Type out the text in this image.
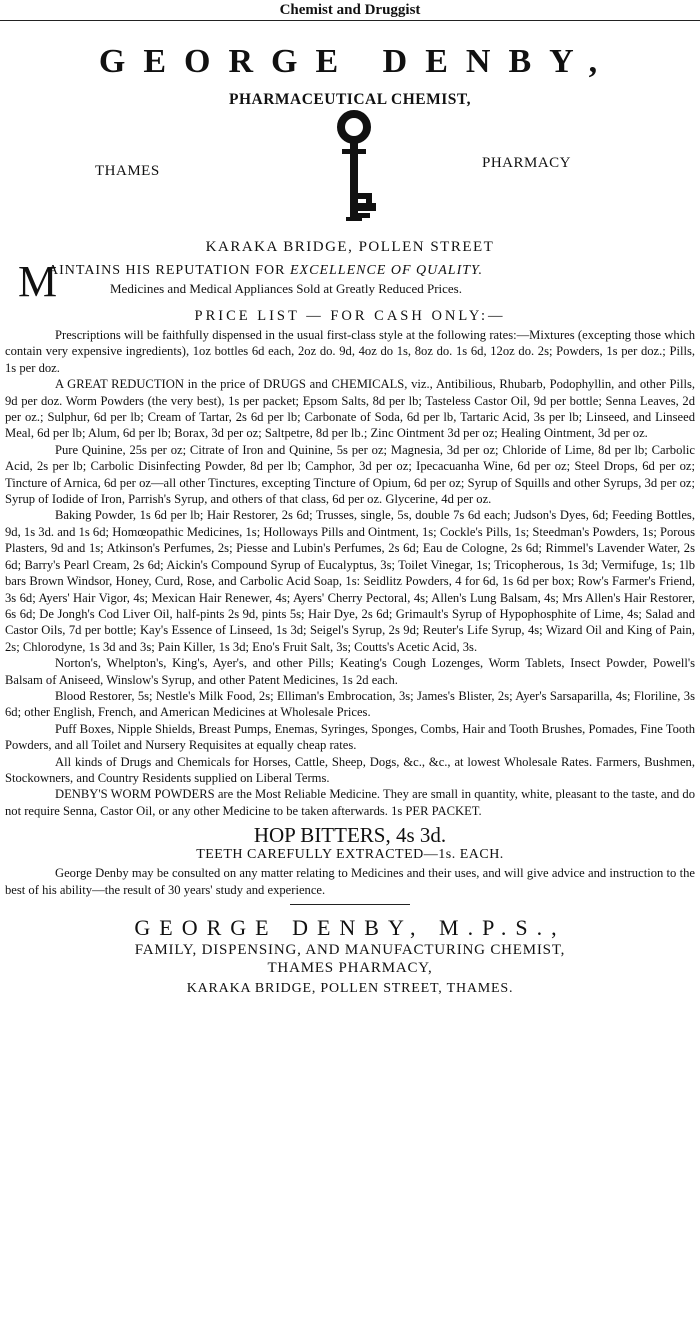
Chemist and Druggist
GEORGE DENBY,
PHARMACEUTICAL CHEMIST,
THAMES	PHARMACY
KARAKA BRIDGE, POLLEN STREET
M
AINTAINS HIS REPUTATION FOR EXCELLENCE OF QUALITY.
Medicines and Medical Appliances Sold at Greatly Reduced Prices.
PRICE LIST — FOR CASH ONLY:—

Prescriptions will be faithfully dispensed in the usual first-class style at the following rates:—Mixtures (excepting those which contain very expensive ingredients), 1oz bottles 6d each, 2oz do. 9d, 4oz do 1s, 8oz do. 1s 6d, 12oz do. 2s; Powders, 1s per doz.; Pills, 1s per doz.

A GREAT REDUCTION in the price of DRUGS and CHEMICALS, viz., Antibilious, Rhubarb, Podophyllin, and other Pills, 9d per doz. Worm Powders (the very best), 1s per packet; Epsom Salts, 8d per lb; Tasteless Castor Oil, 9d per bottle; Senna Leaves, 2d per oz.; Sulphur, 6d per lb; Cream of Tartar, 2s 6d per lb; Carbonate of Soda, 6d per lb, Tartaric Acid, 3s per lb; Linseed, and Linseed Meal, 6d per lb; Alum, 6d per lb; Borax, 3d per oz; Saltpetre, 8d per lb.; Zinc Ointment 3d per oz; Healing Ointment, 3d per oz.

Pure Quinine, 25s per oz; Citrate of Iron and Quinine, 5s per oz; Magnesia, 3d per oz; Chloride of Lime, 8d per lb; Carbolic Acid, 2s per lb; Carbolic Disinfecting Powder, 8d per lb; Camphor, 3d per oz; Ipecacuanha Wine, 6d per oz; Steel Drops, 6d per oz; Tincture of Arnica, 6d per oz—all other Tinctures, excepting Tincture of Opium, 6d per oz; Syrup of Squills and other Syrups, 3d per oz; Syrup of Iodide of Iron, Parrish's Syrup, and others of that class, 6d per oz. Glycerine, 4d per oz.

Baking Powder, 1s 6d per lb; Hair Restorer, 2s 6d; Trusses, single, 5s, double 7s 6d each; Judson's Dyes, 6d; Feeding Bottles, 9d, 1s 3d. and 1s 6d; Homœopathic Medicines, 1s; Holloways Pills and Ointment, 1s; Cockle's Pills, 1s; Steedman's Powders, 1s; Porous Plasters, 9d and 1s; Atkinson's Perfumes, 2s; Piesse and Lubin's Perfumes, 2s 6d; Eau de Cologne, 2s 6d; Rimmel's Lavender Water, 2s 6d; Barry's Pearl Cream, 2s 6d; Aickin's Compound Syrup of Eucalyptus, 3s; Toilet Vinegar, 1s; Tricopherous, 1s 3d; Vermifuge, 1s; 1lb bars Brown Windsor, Honey, Curd, Rose, and Carbolic Acid Soap, 1s: Seidlitz Powders, 4 for 6d, 1s 6d per box; Row's Farmer's Friend, 3s 6d; Ayers' Hair Vigor, 4s; Mexican Hair Renewer, 4s; Ayers' Cherry Pectoral, 4s; Allen's Lung Balsam, 4s; Mrs Allen's Hair Restorer, 6s 6d; De Jongh's Cod Liver Oil, half-pints 2s 9d, pints 5s; Hair Dye, 2s 6d; Grimault's Syrup of Hypophosphite of Lime, 4s; Salad and Castor Oils, 7d per bottle; Kay's Essence of Linseed, 1s 3d; Seigel's Syrup, 2s 9d; Reuter's Life Syrup, 4s; Wizard Oil and King of Pain, 2s; Chlorodyne, 1s 3d and 3s; Pain Killer, 1s 3d; Eno's Fruit Salt, 3s; Coutts's Acetic Acid, 3s.

Norton's, Whelpton's, King's, Ayer's, and other Pills; Keating's Cough Lozenges, Worm Tablets, Insect Powder, Powell's Balsam of Aniseed, Winslow's Syrup, and other Patent Medicines, 1s 2d each.

Blood Restorer, 5s; Nestle's Milk Food, 2s; Elliman's Embrocation, 3s; James's Blister, 2s; Ayer's Sarsaparilla, 4s; Floriline, 3s 6d; other English, French, and American Medicines at Wholesale Prices.

Puff Boxes, Nipple Shields, Breast Pumps, Enemas, Syringes, Sponges, Combs, Hair and Tooth Brushes, Pomades, Fine Tooth Powders, and all Toilet and Nursery Requisites at equally cheap rates.

All kinds of Drugs and Chemicals for Horses, Cattle, Sheep, Dogs, &c., &c., at lowest Wholesale Rates. Farmers, Bushmen, Stockowners, and Country Residents supplied on Liberal Terms.

DENBY'S WORM POWDERS are the Most Reliable Medicine. They are small in quantity, white, pleasant to the taste, and do not require Senna, Castor Oil, or any other Medicine to be taken afterwards. 1s PER PACKET.

HOP BITTERS, 4s 3d.
TEETH CAREFULLY EXTRACTED—1s. EACH.

George Denby may be consulted on any matter relating to Medicines and their uses, and will give advice and instruction to the best of his ability—the result of 30 years' study and experience.

GEORGE DENBY, M.P.S.,
FAMILY, DISPENSING, AND MANUFACTURING CHEMIST,
THAMES PHARMACY,
KARAKA BRIDGE, POLLEN STREET, THAMES.
